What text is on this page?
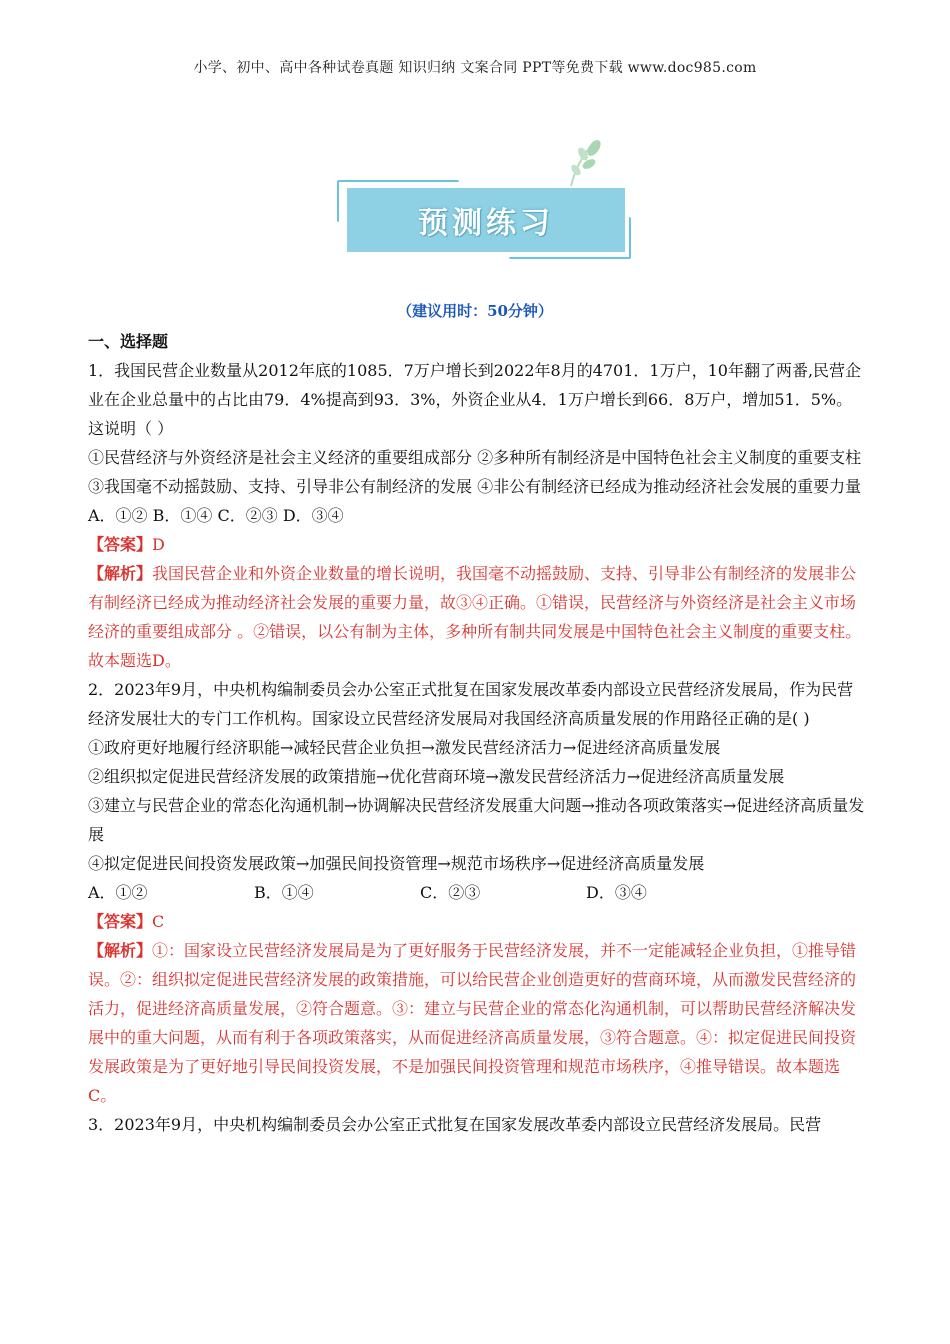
小学、初中、高中各种试卷真题 知识归纳 文案合同 PPT等免费下载 www.doc985.com
预测练习
（建议用时：50分钟）

一、选择题

1．我国民营企业数量从2012年底的1085．7万户增长到2022年8月的4701．1万户，10年翻了两番,民营企业在企业总量中的占比由79．4%提高到93．3%，外资企业从4．1万户增长到66．8万户，增加51．5%。这说明（ ）

①民营经济与外资经济是社会主义经济的重要组成部分 ②多种所有制经济是中国特色社会主义制度的重要支柱 ③我国毫不动摇鼓励、支持、引导非公有制经济的发展 ④非公有制经济已经成为推动经济社会发展的重要力量

A．①② B．①④ C．②③ D．③④

【答案】D

【解析】我国民营企业和外资企业数量的增长说明，我国毫不动摇鼓励、支持、引导非公有制经济的发展非公有制经济已经成为推动经济社会发展的重要力量，故③④正确。①错误，民营经济与外资经济是社会主义市场经济的重要组成部分 。②错误，以公有制为主体，多种所有制共同发展是中国特色社会主义制度的重要支柱。故本题选D。

2．2023年9月，中央机构编制委员会办公室正式批复在国家发展改革委内部设立民营经济发展局，作为民营经济发展壮大的专门工作机构。国家设立民营经济发展局对我国经济高质量发展的作用路径正确的是( )

①政府更好地履行经济职能→减轻民营企业负担→激发民营经济活力→促进经济高质量发展

②组织拟定促进民营经济发展的政策措施→优化营商环境→激发民营经济活力→促进经济高质量发展

③建立与民营企业的常态化沟通机制→协调解决民营经济发展重大问题→推动各项政策落实→促进经济高质量发展

④拟定促进民间投资发展政策→加强民间投资管理→规范市场秩序→促进经济高质量发展

A．①②	B．①④	C．②③	D．③④

【答案】C

【解析】①：国家设立民营经济发展局是为了更好服务于民营经济发展，并不一定能减轻企业负担，①推导错误。②：组织拟定促进民营经济发展的政策措施，可以给民营企业创造更好的营商环境，从而激发民营经济的活力，促进经济高质量发展，②符合题意。③：建立与民营企业的常态化沟通机制，可以帮助民营经济解决发展中的重大问题，从而有利于各项政策落实，从而促进经济高质量发展，③符合题意。④：拟定促进民间投资发展政策是为了更好地引导民间投资发展，不是加强民间投资管理和规范市场秩序，④推导错误。故本题选C。

3．2023年9月，中央机构编制委员会办公室正式批复在国家发展改革委内部设立民营经济发展局。民营
